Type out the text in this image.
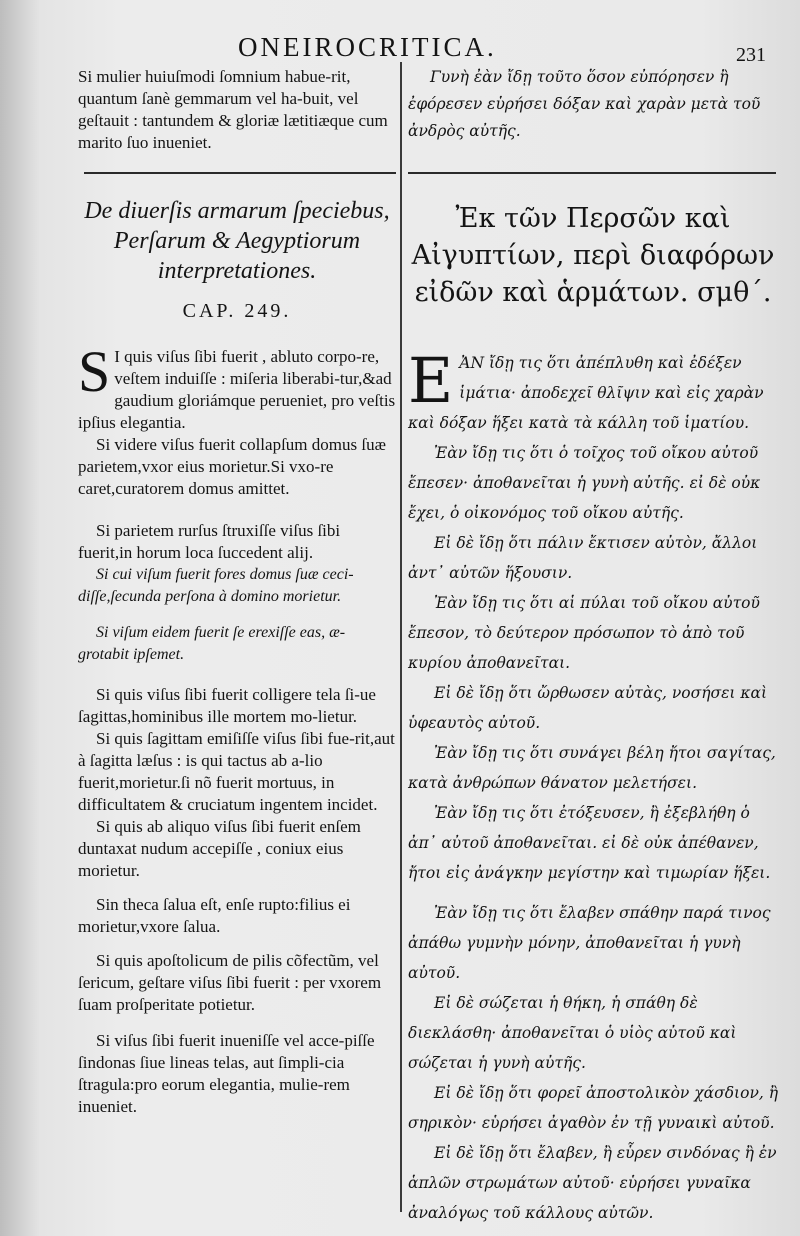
ONEIROCRITICA.	231

Si mulier huiuſmodi ſomnium habue-rit, quantum ſanè gemmarum vel ha-buit, vel geſtauit : tantundem & gloriæ lætitiæque cum marito ſuo inueniet.

De diuerſis armarum ſpeciebus, Perſarum & Aegyptiorum interpretationes.

CAP. 249.

S I quis viſus ſibi fuerit , abluto corpo-re, veſtem induiſſe : miſeria liberabi-tur,&ad gaudium gloriámque perueniet, pro veſtis ipſius elegantia.

Si videre viſus fuerit collapſum domus ſuæ parietem,vxor eius morietur.Si vxo-re caret,curatorem domus amittet.

Si parietem rurſus ſtruxiſſe viſus ſibi fuerit,in horum loca ſuccedent alij.

Si cui viſum fuerit fores domus ſuæ ceci-diſſe,ſecunda perſona à domino morietur.

Si viſum eidem fuerit ſe erexiſſe eas, æ-grotabit ipſemet.

Si quis viſus ſibi fuerit colligere tela ſi-ue ſagittas,hominibus ille mortem mo-lietur.

Si quis ſagittam emiſiſſe viſus ſibi fue-rit,aut à ſagitta læſus : is qui tactus ab a-lio fuerit,morietur.ſi nõ fuerit mortuus, in difficultatem & cruciatum ingentem incidet.

Si quis ab aliquo viſus ſibi fuerit enſem duntaxat nudum accepiſſe , coniux eius morietur.

Sin theca ſalua eſt, enſe rupto:filius ei morietur,vxore ſalua.

Si quis apoſtolicum de pilis cõfectũm, vel ſericum, geſtare viſus ſibi fuerit : per vxorem ſuam proſperitate potietur.

Si viſus ſibi fuerit inueniſſe vel acce-piſſe ſindonas ſiue lineas telas, aut ſimpli-cia ſtragula:pro eorum elegantia, mulie-rem inueniet.

Γυνὴ ἐὰν ἴδῃ τοῦτο ὅσον εὐπόρησεν ἢ ἐφόρεσεν εὑρήσει δόξαν καὶ χαρὰν μετὰ τοῦ ἀνδρὸς αὐτῆς.

Ἐκ τῶν Περσῶν καὶ Αἰγυπτίων, περὶ διαφόρων εἰδῶν καὶ ἁρμάτων. σμθ΄.

ΕἈΝ ἴδῃ τις ὅτι ἀπέπλυθη καὶ ἐδέξεν ἱμάτια· ἀποδεχεῖ θλῖψιν καὶ εἰς χαρὰν καὶ δόξαν ἥξει κατὰ τὰ κάλλη τοῦ ἱματίου.

Ἐὰν ἴδῃ τις ὅτι ὁ τοῖχος τοῦ οἴκου αὐτοῦ ἔπεσεν· ἀποθανεῖται ἡ γυνὴ αὐτῆς. εἰ δὲ οὐκ ἔχει, ὁ οἰκονόμος τοῦ οἴκου αὐτῆς.

Εἰ δὲ ἴδῃ ὅτι πάλιν ἔκτισεν αὐτὸν, ἄλλοι ἀντ᾽ αὐτῶν ἥξουσιν.

Ἐὰν ἴδῃ τις ὅτι αἱ πύλαι τοῦ οἴκου αὐτοῦ ἔπεσον, τὸ δεύτερον πρόσωπον τὸ ἀπὸ τοῦ κυρίου ἀποθανεῖται.

Εἰ δὲ ἴδῃ ὅτι ὤρθωσεν αὐτὰς, νοσήσει καὶ ὑφεαυτὸς αὐτοῦ.

Ἐὰν ἴδῃ τις ὅτι συνάγει βέλη ἤτοι σαγίτας, κατὰ ἀνθρώπων θάνατον μελετήσει.

Ἐὰν ἴδῃ τις ὅτι ἐτόξευσεν, ἢ ἐξεβλήθη ὁ ἀπ᾽ αὐτοῦ ἀποθανεῖται. εἰ δὲ οὐκ ἀπέθανεν, ἤτοι εἰς ἀνάγκην μεγίστην καὶ τιμωρίαν ἥξει.

Ἐὰν ἴδῃ τις ὅτι ἔλαβεν σπάθην παρά τινος ἀπάθω γυμνὴν μόνην, ἀποθανεῖται ἡ γυνὴ αὐτοῦ.

Εἰ δὲ σώζεται ἡ θήκη, ἡ σπάθη δὲ διεκλάσθη· ἀποθανεῖται ὁ υἱὸς αὐτοῦ καὶ σώζεται ἡ γυνὴ αὐτῆς.

Εἰ δὲ ἴδῃ ὅτι φορεῖ ἀποστολικὸν χάσδιον, ἢ σηρικὸν· εὑρήσει ἀγαθὸν ἐν τῇ γυναικὶ αὐτοῦ.

Εἰ δὲ ἴδῃ ὅτι ἔλαβεν, ἢ εὗρεν σινδόνας ἢ ἐν ἁπλῶν στρωμάτων αὐτοῦ· εὑρήσει γυναῖκα ἀναλόγως τοῦ κάλλους αὐτῶν.
